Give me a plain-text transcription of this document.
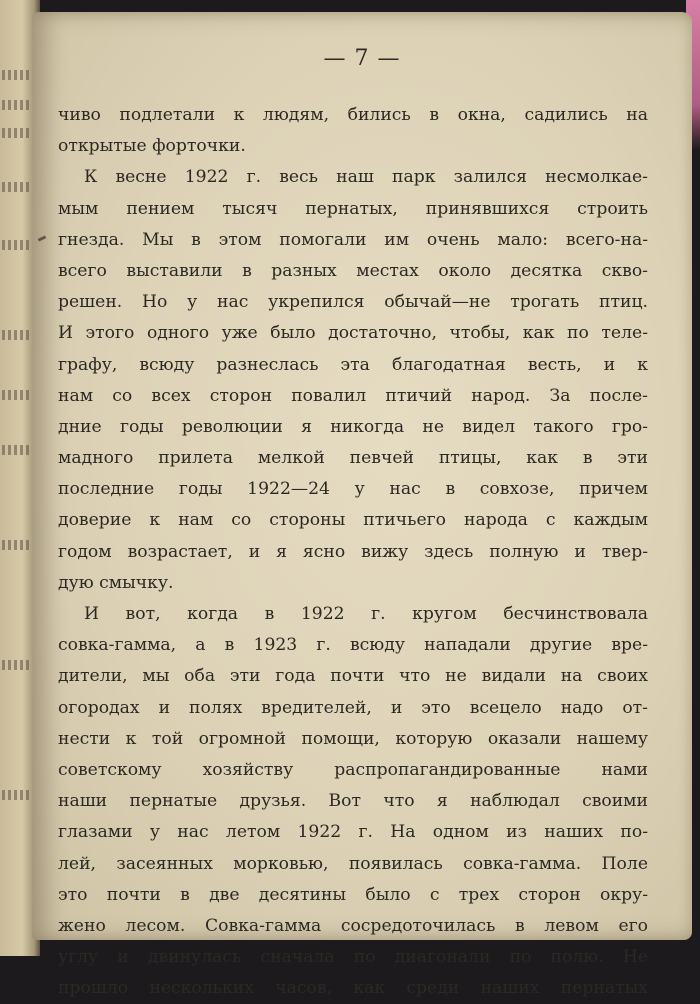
— 7 —
чиво подлетали к людям, бились в окна, садились на
открытые форточки.
К весне 1922 г. весь наш парк залился несмолкае-
мым пением тысяч пернатых, принявшихся строить
гнезда. Мы в этом помогали им очень мало: всего-на-
всего выставили в разных местах около десятка скво-
решен. Но у нас укрепился обычай—не трогать птиц.
И этого одного уже было достаточно, чтобы, как по теле-
графу, всюду разнеслась эта благодатная весть, и к
нам со всех сторон повалил птичий народ. За после-
дние годы революции я никогда не видел такого гро-
мадного прилета мелкой певчей птицы, как в эти
последние годы 1922—24 у нас в совхозе, причем
доверие к нам со стороны птичьего народа с каждым
годом возрастает, и я ясно вижу здесь полную и твер-
дую смычку.
И вот, когда в 1922 г. кругом бесчинствовала
совка-гамма, а в 1923 г. всюду нападали другие вре-
дители, мы оба эти года почти что не видали на своих
огородах и полях вредителей, и это всецело надо от-
нести к той огромной помощи, которую оказали нашему
советскому хозяйству распропагандированные нами
наши пернатые друзья. Вот что я наблюдал своими
глазами у нас летом 1922 г. На одном из наших по-
лей, засеянных морковью, появилась совка-гамма. Поле
это почти в две десятины было с трех сторон окру-
жено лесом. Совка-гамма сосредоточилась в левом его
углу и двинулась сначала по диагонали по полю. Не
прошло нескольких часов, как среди наших пернатых
